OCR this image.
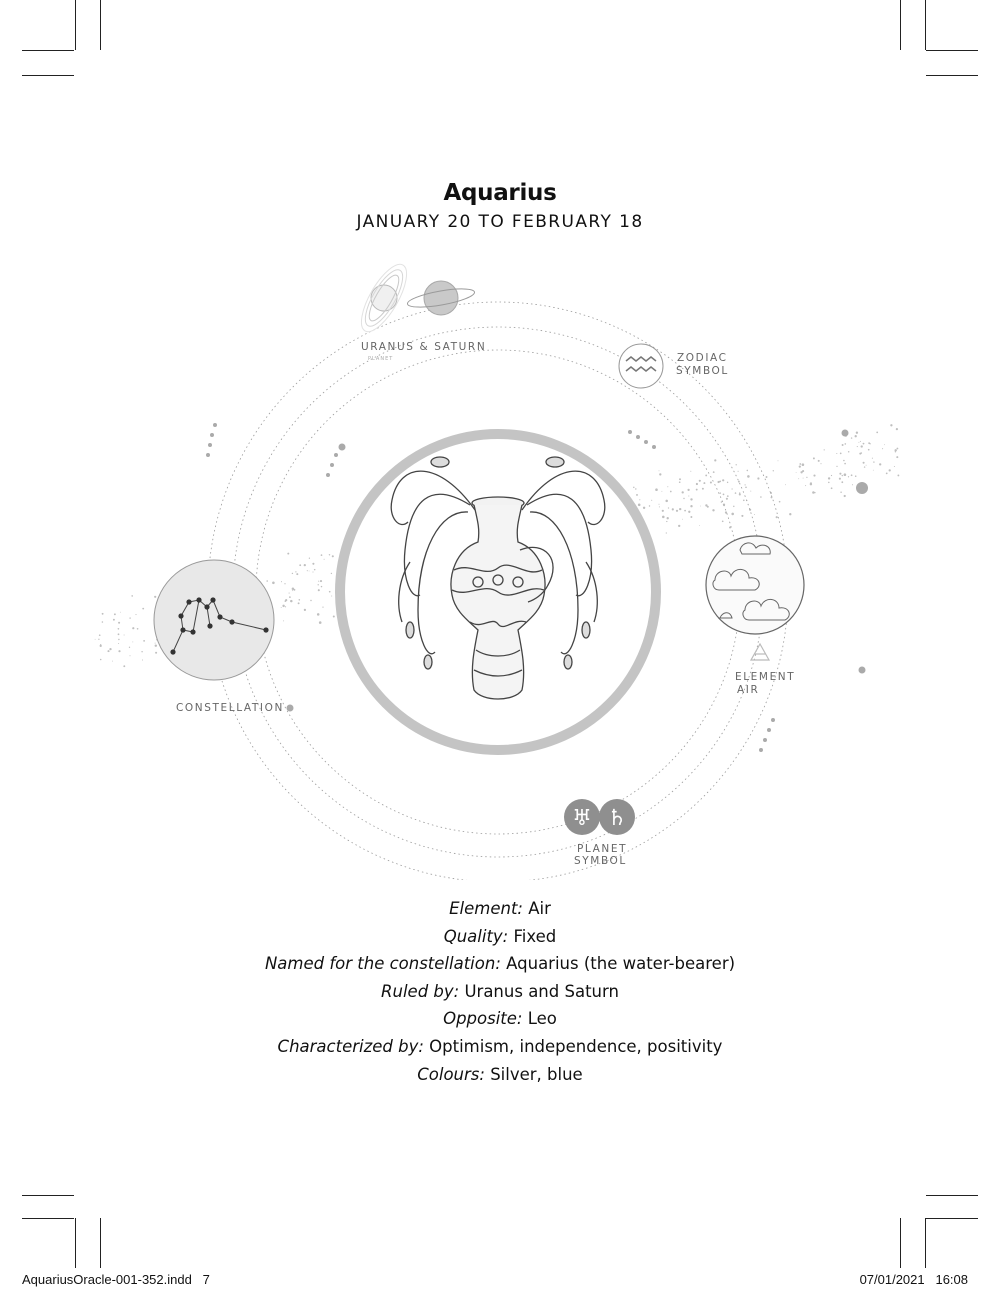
Aquarius
JANUARY 20 TO FEBRUARY 18
♅ ♄
URANUS & SATURN
PLANET	ZODIAC
SYMBOL
ELEMENT
AIR
CONSTELLATION
PLANET
SYMBOL
Element: Air
Quality: Fixed
Named for the constellation: Aquarius (the water-bearer)
Ruled by: Uranus and Saturn
Opposite: Leo
Characterized by: Optimism, independence, positivity
Colours: Silver, blue
AquariusOracle-001-352.indd   7	07/01/2021   16:08
